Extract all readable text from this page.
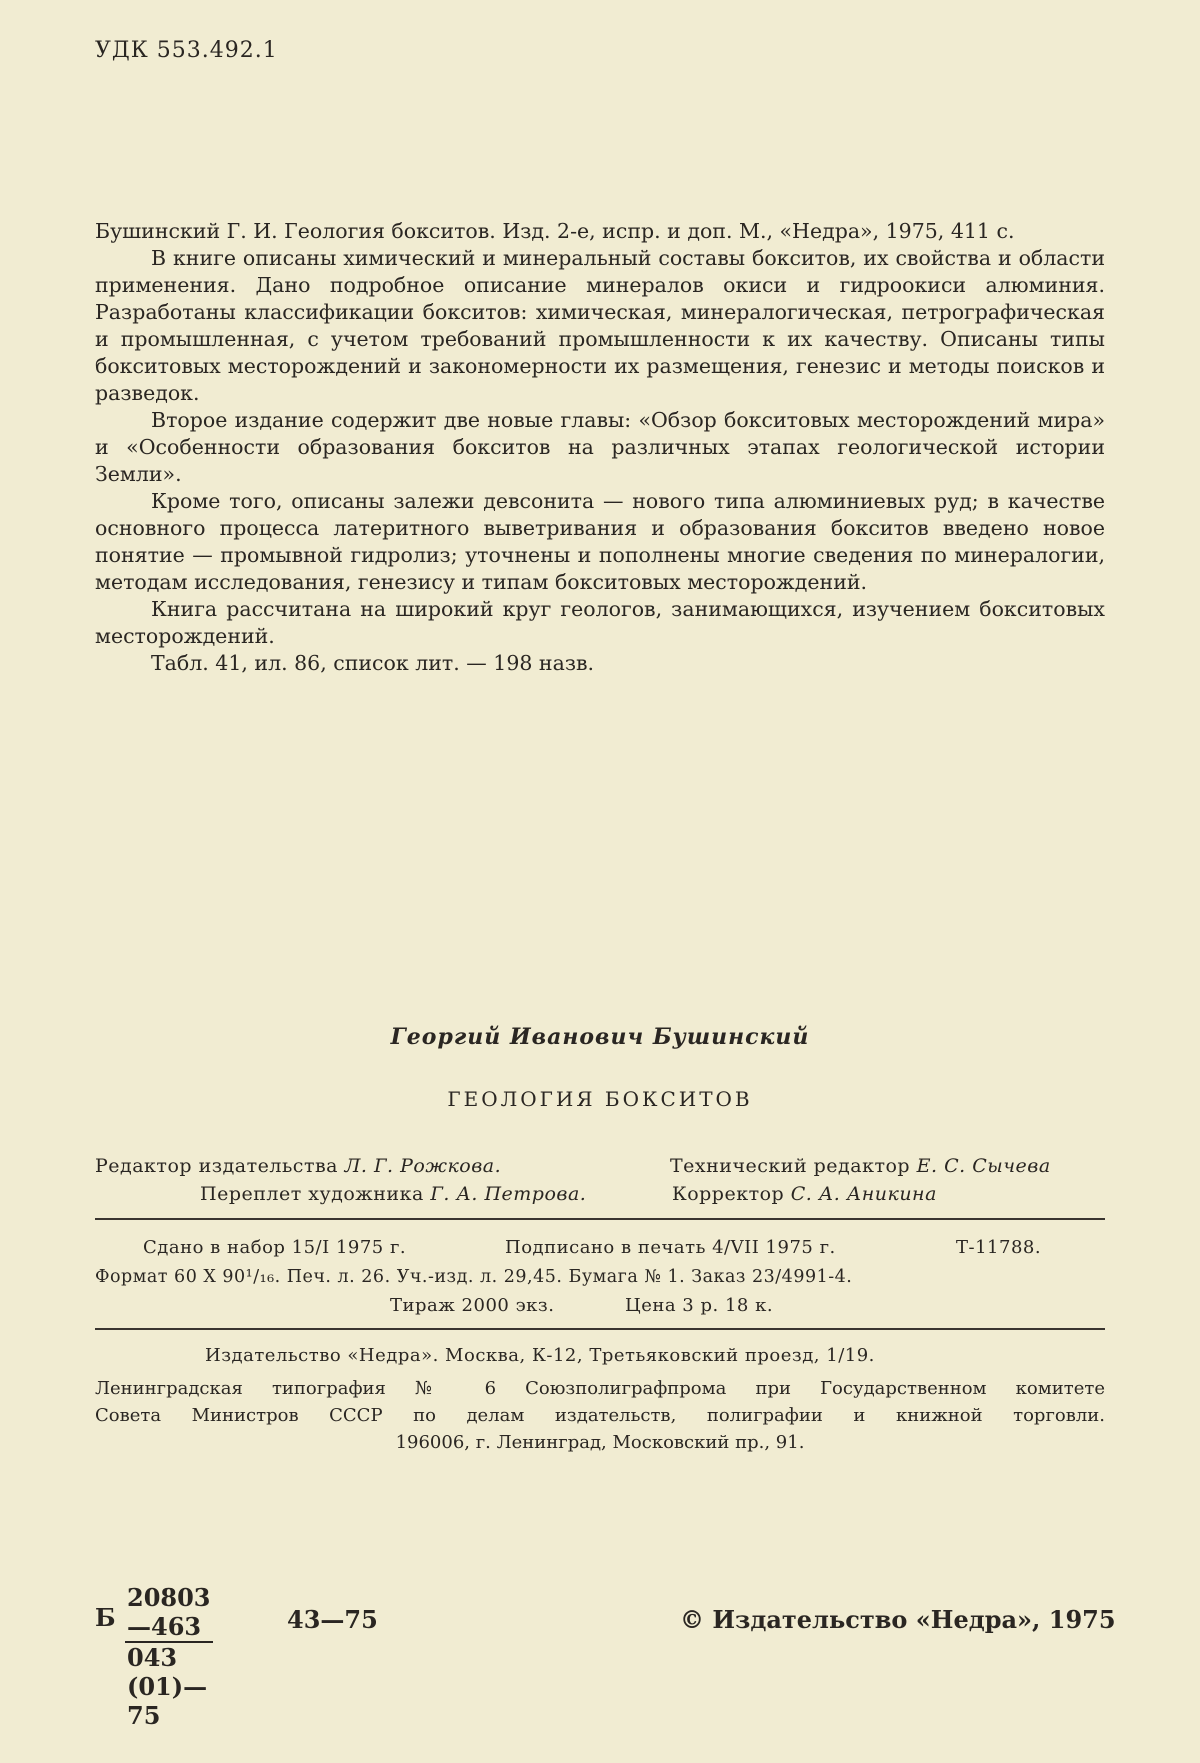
УДК 553.492.1

Бушинский Г. И. Геология бокситов. Изд. 2-е, испр. и доп. М., «Недра», 1975, 411 с.

В книге описаны химический и минеральный составы бокситов, их свойства и области применения. Дано подробное описание минералов окиси и гидроокиси алюминия. Разработаны классификации бокситов: химическая, минералогическая, петрографическая и промышленная, с учетом требований промышленности к их качеству. Описаны типы бокситовых месторождений и закономерности их размещения, генезис и методы поисков и разведок.

Второе издание содержит две новые главы: «Обзор бокситовых месторождений мира» и «Особенности образования бокситов на различных этапах геологической истории Земли».

Кроме того, описаны залежи девсонита — нового типа алюминиевых руд; в качестве основного процесса латеритного выветривания и образования бокситов введено новое понятие — промывной гидролиз; уточнены и пополнены многие сведения по минералогии, методам исследования, генезису и типам бокситовых месторождений.

Книга рассчитана на широкий круг геологов, занимающихся, изучением бокситовых месторождений.

Табл. 41, ил. 86, список лит. — 198 назв.

Георгий Иванович Бушинский
ГЕОЛОГИЯ БОКСИТОВ
Редактор издательства Л. Г. Рожкова.	Технический редактор Е. С. Сычева
Переплет художника Г. А. Петрова.	Корректор С. А. Аникина
Сдано в набор 15/I 1975 г.	Подписано в печать 4/VII 1975 г.	Т-11788.
Формат 60 X 90¹/₁₆. Печ. л. 26. Уч.-изд. л. 29,45. Бумага № 1. Заказ 23/4991-4.
Тираж 2000 экз.	Цена 3 р. 18 к.
Издательство «Недра». Москва, К-12, Третьяковский проезд, 1/19.
Ленинградская типография № 6 Союзполиграфпрома при Государственном комитете
Совета Министров СССР по делам издательств, полиграфии и книжной торговли.
196006, г. Ленинград, Московский пр., 91.
Б $\frac{20803—463}{043 (01)—75}$	43—75	© Издательство «Недра», 1975
